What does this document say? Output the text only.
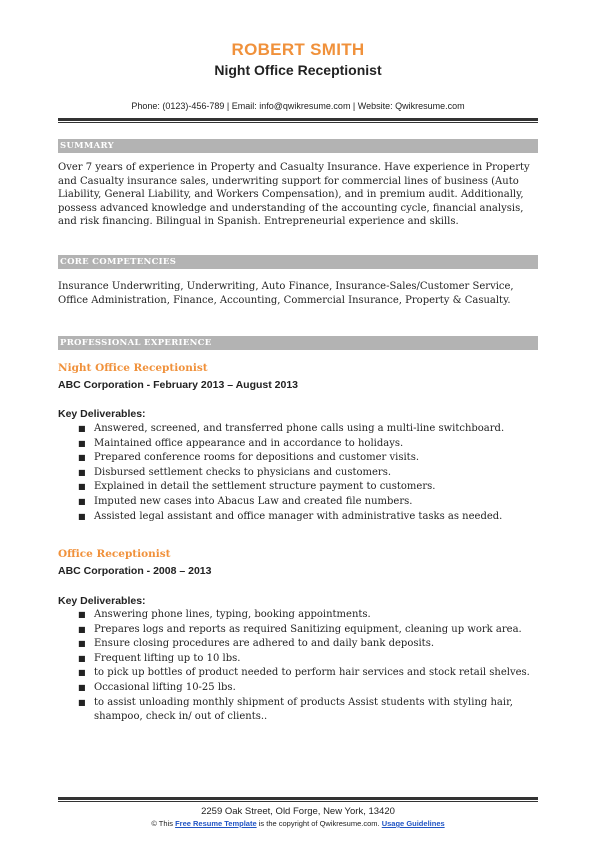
ROBERT SMITH
Night Office Receptionist
Phone: (0123)-456-789 | Email: info@qwikresume.com | Website: Qwikresume.com
SUMMARY
Over 7 years of experience in Property and Casualty Insurance. Have experience in Property and Casualty insurance sales, underwriting support for commercial lines of business (Auto Liability, General Liability, and Workers Compensation), and in premium audit. Additionally, possess advanced knowledge and understanding of the accounting cycle, financial analysis, and risk financing. Bilingual in Spanish. Entrepreneurial experience and skills.
CORE COMPETENCIES
Insurance Underwriting, Underwriting, Auto Finance, Insurance-Sales/Customer Service, Office Administration, Finance, Accounting, Commercial Insurance, Property & Casualty.
PROFESSIONAL EXPERIENCE
Night Office Receptionist
ABC Corporation - February 2013 – August 2013
Key Deliverables:
■ Answered, screened, and transferred phone calls using a multi-line switchboard.
■ Maintained office appearance and in accordance to holidays.
■ Prepared conference rooms for depositions and customer visits.
■ Disbursed settlement checks to physicians and customers.
■ Explained in detail the settlement structure payment to customers.
■ Imputed new cases into Abacus Law and created file numbers.
■ Assisted legal assistant and office manager with administrative tasks as needed.
Office Receptionist
ABC Corporation - 2008 – 2013
Key Deliverables:
■ Answering phone lines, typing, booking appointments.
■ Prepares logs and reports as required Sanitizing equipment, cleaning up work area.
■ Ensure closing procedures are adhered to and daily bank deposits.
■ Frequent lifting up to 10 lbs.
■ to pick up bottles of product needed to perform hair services and stock retail shelves.
■ Occasional lifting 10-25 lbs.
■ to assist unloading monthly shipment of products Assist students with styling hair, shampoo, check in/ out of clients..
2259 Oak Street, Old Forge, New York, 13420
© This Free Resume Template is the copyright of Qwikresume.com. Usage Guidelines
